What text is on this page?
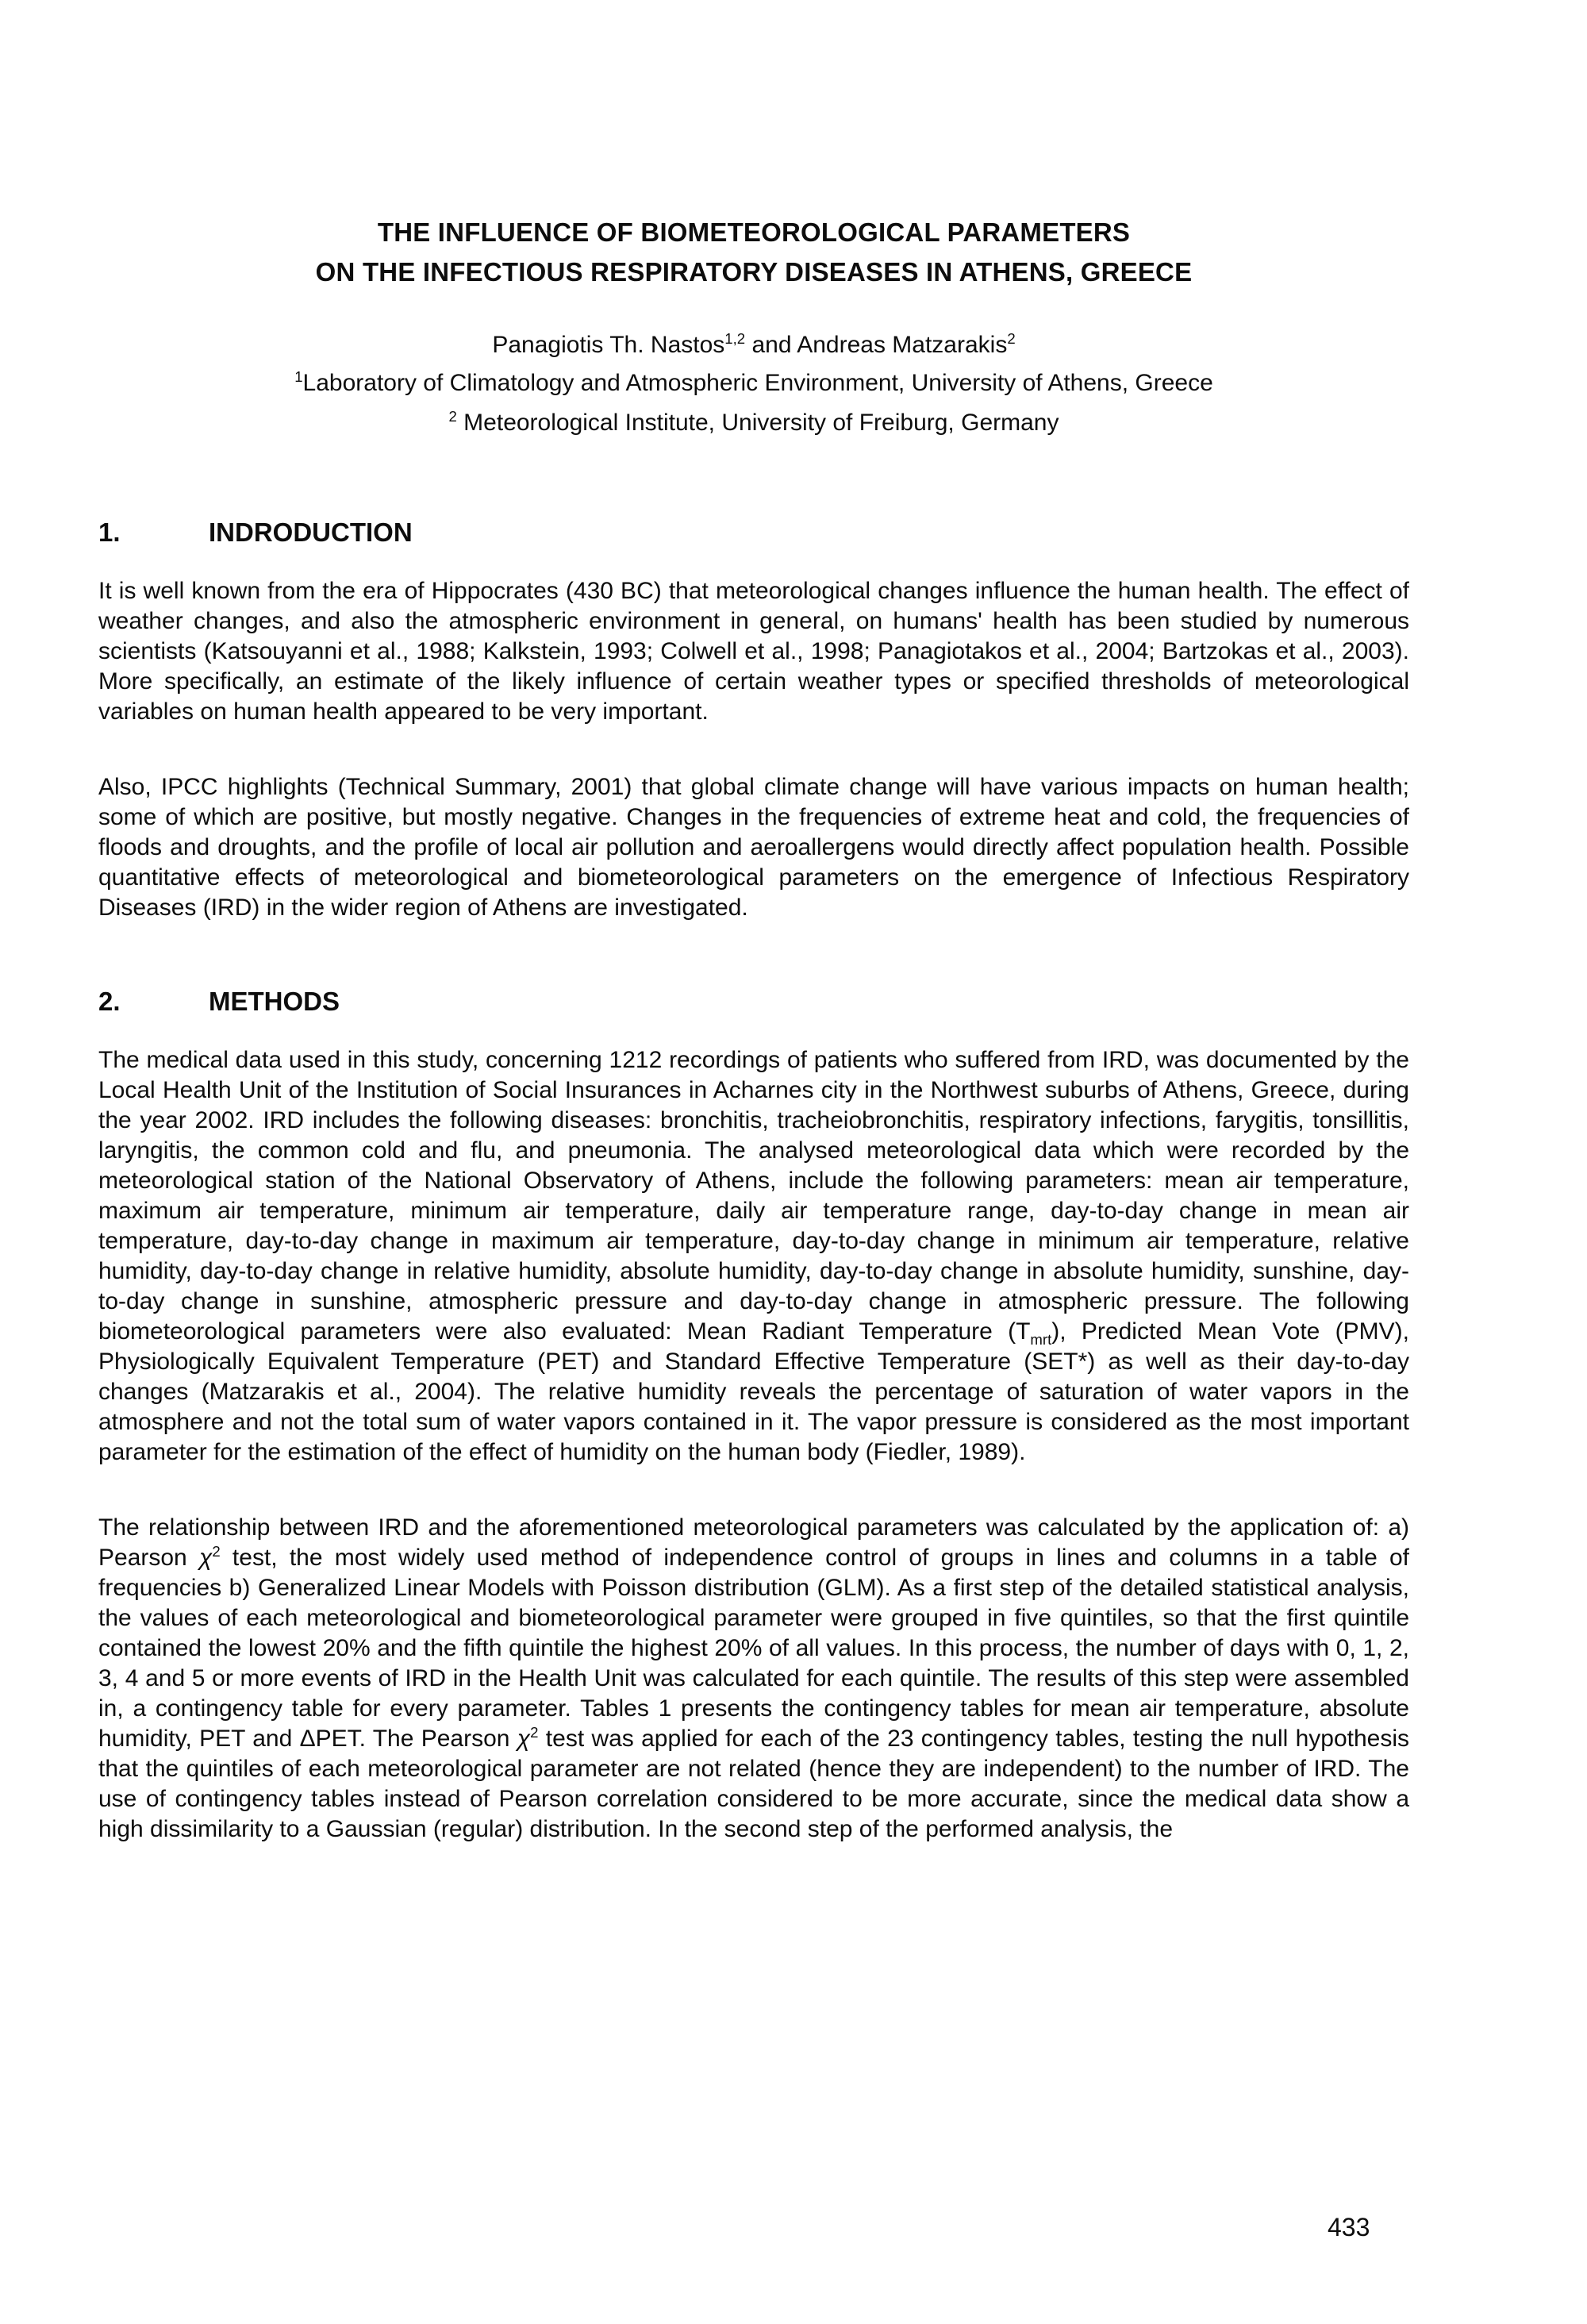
THE INFLUENCE OF BIOMETEOROLOGICAL PARAMETERS
ON THE INFECTIOUS RESPIRATORY DISEASES IN ATHENS, GREECE
Panagiotis Th. Nastos$^{1,2}$ and Andreas Matzarakis$^2$
$^1$Laboratory of Climatology and Atmospheric Environment, University of Athens, Greece
$^2$ Meteorological Institute, University of Freiburg, Germany
1.	INDRODUCTION

It is well known from the era of Hippocrates (430 BC) that meteorological changes influence the human health. The effect of weather changes, and also the atmospheric environment in general, on humans' health has been studied by numerous scientists (Katsouyanni et al., 1988; Kalkstein, 1993; Colwell et al., 1998; Panagiotakos et al., 2004; Bartzokas et al., 2003). More specifically, an estimate of the likely influence of certain weather types or specified thresholds of meteorological variables on human health appeared to be very important.

Also, IPCC highlights (Technical Summary, 2001) that global climate change will have various impacts on human health; some of which are positive, but mostly negative. Changes in the frequencies of extreme heat and cold, the frequencies of floods and droughts, and the profile of local air pollution and aeroallergens would directly affect population health. Possible quantitative effects of meteorological and biometeorological parameters on the emergence of Infectious Respiratory Diseases (IRD) in the wider region of Athens are investigated.

2.	METHODS

The medical data used in this study, concerning 1212 recordings of patients who suffered from IRD, was documented by the Local Health Unit of the Institution of Social Insurances in Acharnes city in the Northwest suburbs of Athens, Greece, during the year 2002. IRD includes the following diseases: bronchitis, tracheiobronchitis, respiratory infections, farygitis, tonsillitis, laryngitis, the common cold and flu, and pneumonia. The analysed meteorological data which were recorded by the meteorological station of the National Observatory of Athens, include the following parameters: mean air temperature, maximum air temperature, minimum air temperature, daily air temperature range, day-to-day change in mean air temperature, day-to-day change in maximum air temperature, day-to-day change in minimum air temperature, relative humidity, day-to-day change in relative humidity, absolute humidity, day-to-day change in absolute humidity, sunshine, day-to-day change in sunshine, atmospheric pressure and day-to-day change in atmospheric pressure. The following biometeorological parameters were also evaluated: Mean Radiant Temperature $(T_{mrt})$, Predicted Mean Vote (PMV), Physiologically Equivalent Temperature (PET) and Standard Effective Temperature (SET*) as well as their day-to-day changes (Matzarakis et al., 2004). The relative humidity reveals the percentage of saturation of water vapors in the atmosphere and not the total sum of water vapors contained in it. The vapor pressure is considered as the most important parameter for the estimation of the effect of humidity on the human body (Fiedler, 1989).

The relationship between IRD and the aforementioned meteorological parameters was calculated by the application of: a) Pearson $\chi^2$ test, the most widely used method of independence control of groups in lines and columns in a table of frequencies b) Generalized Linear Models with Poisson distribution (GLM). As a first step of the detailed statistical analysis, the values of each meteorological and biometeorological parameter were grouped in five quintiles, so that the first quintile contained the lowest 20% and the fifth quintile the highest 20% of all values. In this process, the number of days with 0, 1, 2, 3, 4 and 5 or more events of IRD in the Health Unit was calculated for each quintile. The results of this step were assembled in, a contingency table for every parameter. Tables 1 presents the contingency tables for mean air temperature, absolute humidity, PET and ΔPET. The Pearson $\chi^2$ test was applied for each of the 23 contingency tables, testing the null hypothesis that the quintiles of each meteorological parameter are not related (hence they are independent) to the number of IRD. The use of contingency tables instead of Pearson correlation considered to be more accurate, since the medical data show a high dissimilarity to a Gaussian (regular) distribution. In the second step of the performed analysis, the

433
